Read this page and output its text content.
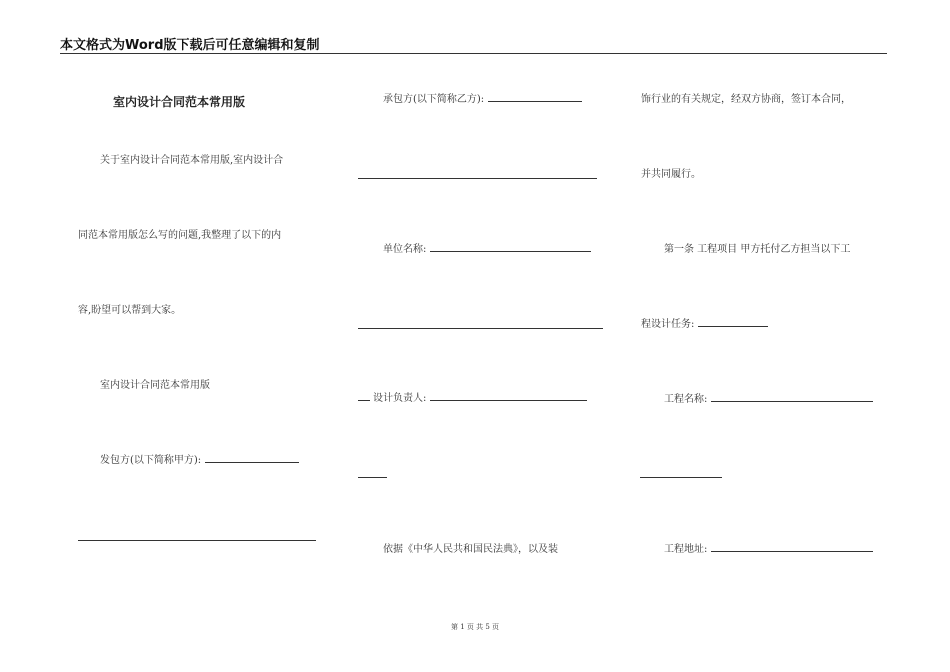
本文格式为Word版下载后可任意编辑和复制
室内设计合同范本常用版
关于室内设计合同范本常用版,室内设计合
同范本常用版怎么写的问题,我整理了以下的内
容,盼望可以帮到大家。
室内设计合同范本常用版
发包方(以下简称甲方):
承包方(以下简称乙方):
单位名称:
设计负责人:
依据《中华人民共和国民法典》，以及装
饰行业的有关规定，经双方协商，签订本合同，
并共同履行。
第一条 工程项目 甲方托付乙方担当以下工
程设计任务:
工程名称:
工程地址:
第 1 页 共 5 页
